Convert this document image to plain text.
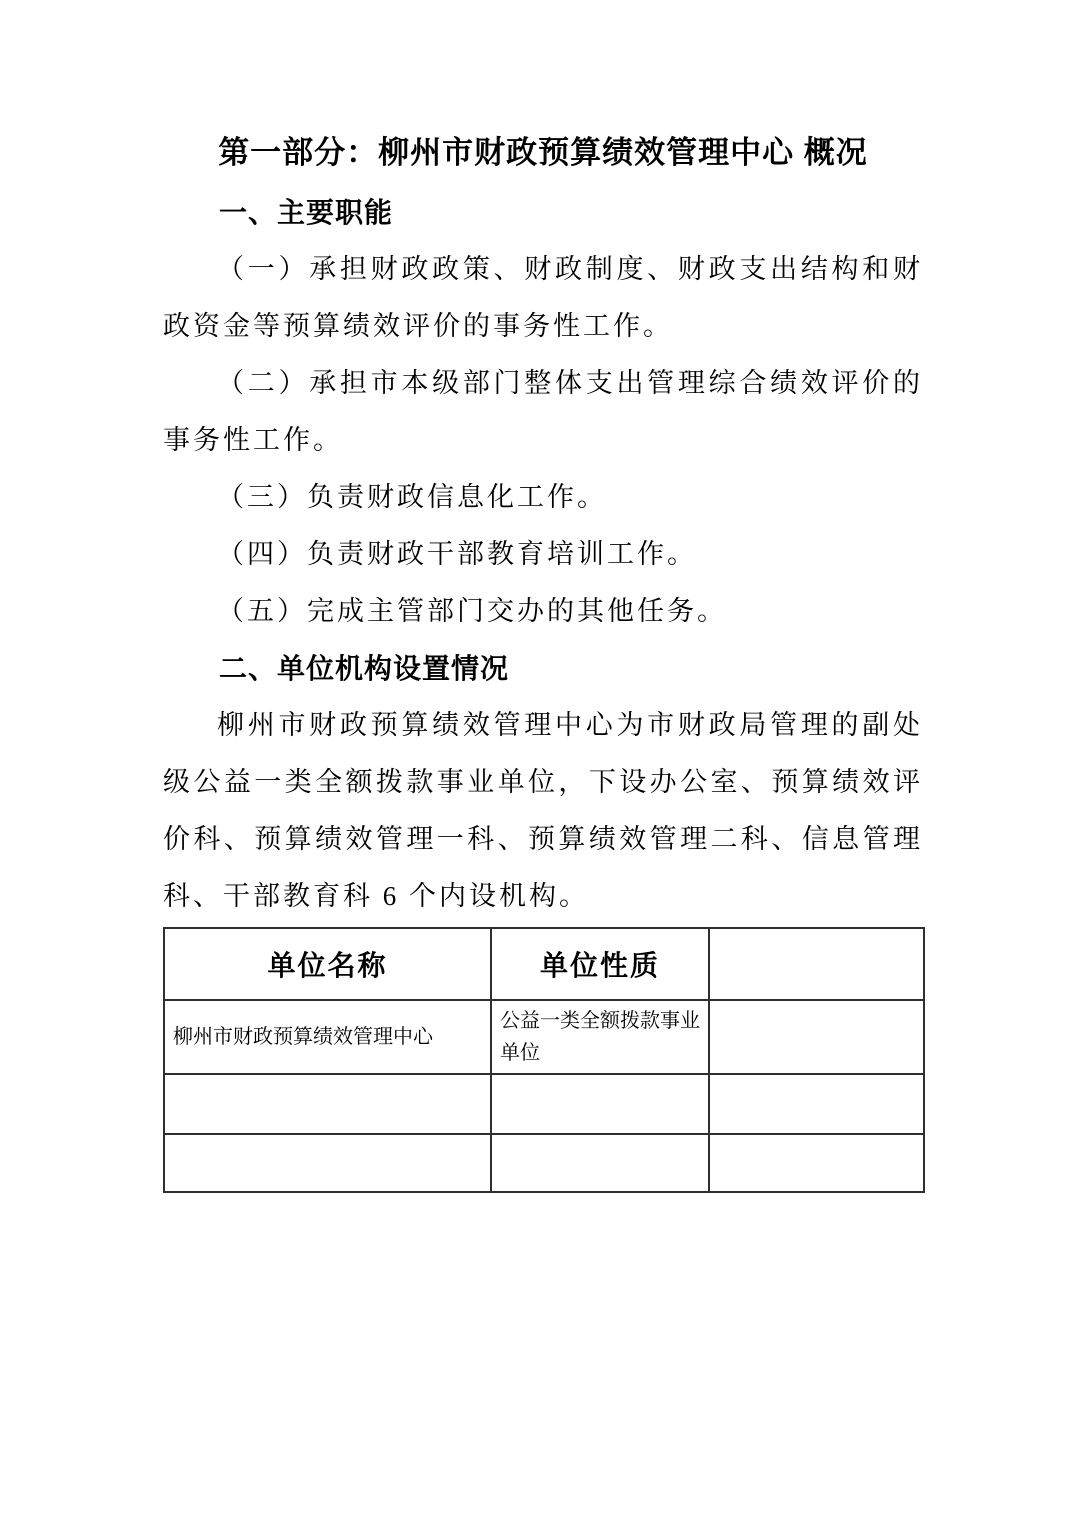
第一部分：柳州市财政预算绩效管理中心 概况
一、主要职能

（一）承担财政政策、财政制度、财政支出结构和财政资金等预算绩效评价的事务性工作。

（二）承担市本级部门整体支出管理综合绩效评价的事务性工作。

（三）负责财政信息化工作。

（四）负责财政干部教育培训工作。

（五）完成主管部门交办的其他任务。

二、单位机构设置情况

柳州市财政预算绩效管理中心为市财政局管理的副处级公益一类全额拨款事业单位，下设办公室、预算绩效评价科、预算绩效管理一科、预算绩效管理二科、信息管理科、干部教育科 6 个内设机构。

单位名称	单位性质	
柳州市财政预算绩效管理中心	公益一类全额拨款事业单位	
